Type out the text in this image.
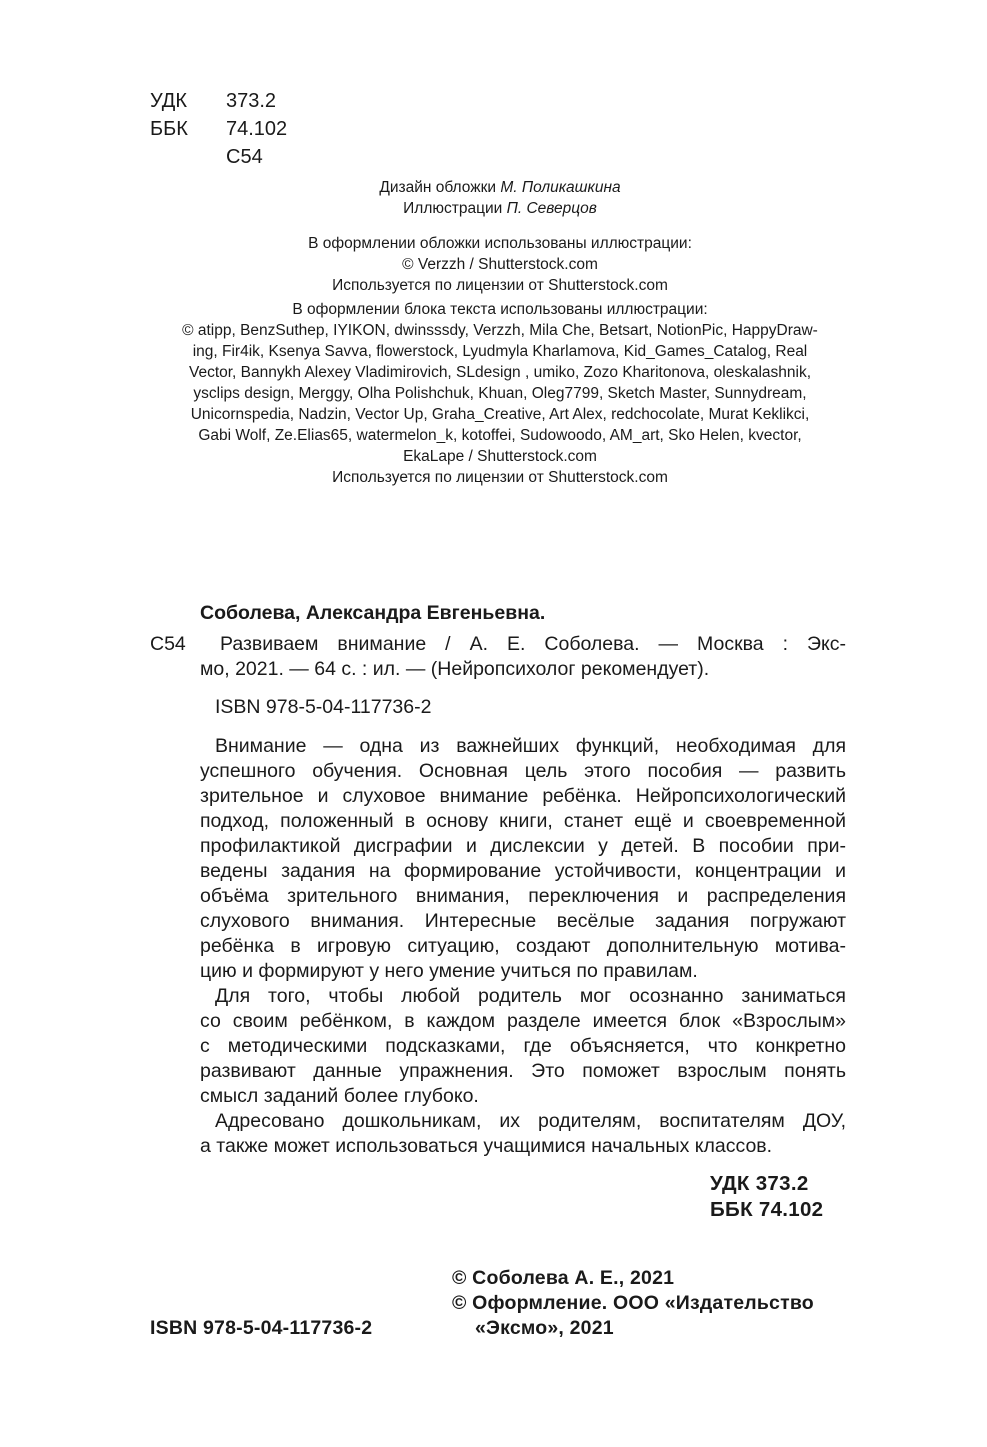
УДК 373.2
ББК 74.102
С54

Дизайн обложки М. Поликашкина

Иллюстрации П. Северцов

В оформлении обложки использованы иллюстрации:

© Verzzh / Shutterstock.com

Используется по лицензии от Shutterstock.com

В оформлении блока текста использованы иллюстрации:

© atipp, BenzSuthep, IYIKON, dwinsssdy, Verzzh, Mila Che, Betsart, NotionPic, HappyDraw-

ing, Fir4ik, Ksenya Savva, flowerstock, Lyudmyla Kharlamova, Kid_Games_Catalog, Real

Vector, Bannykh Alexey Vladimirovich, SLdesign , umiko, Zozo Kharitonova, oleskalashnik,

ysclips design, Merggy, Olha Polishchuk, Khuan, Oleg7799, Sketch Master, Sunnydream,

Unicornspedia, Nadzin, Vector Up, Graha_Creative, Art Alex, redchocolate, Murat Keklikci,

Gabi Wolf, Ze.Elias65, watermelon_k, kotoffei, Sudowoodo, AM_art, Sko Helen, kvector,

EkaLape / Shutterstock.com

Используется по лицензии от Shutterstock.com

Соболева, Александра Евгеньевна.
С54 Развиваем внимание / А. Е. Соболева. — Москва : Экс-
мо, 2021. — 64 с. : ил. — (Нейропсихолог рекомендует).
ISBN 978-5-04-117736-2
Внимание — одна из важнейших функций, необходимая для
успешного обучения. Основная цель этого пособия — развить
зрительное и слуховое внимание ребёнка. Нейропсихологический
подход, положенный в основу книги, станет ещё и своевременной
профилактикой дисграфии и дислексии у детей. В пособии при-
ведены задания на формирование устойчивости, концентрации и
объёма зрительного внимания, переключения и распределения
слухового внимания. Интересные весёлые задания погружают
ребёнка в игровую ситуацию, создают дополнительную мотива-
цию и формируют у него умение учиться по правилам.
Для того, чтобы любой родитель мог осознанно заниматься
со своим ребёнком, в каждом разделе имеется блок «Взрослым»
с методическими подсказками, где объясняется, что конкретно
развивают данные упражнения. Это поможет взрослым понять
смысл заданий более глубоко.
Адресовано дошкольникам, их родителям, воспитателям ДОУ,
а также может использоваться учащимися начальных классов.
УДК 373.2
ББК 74.102
© Соболева А. Е., 2021
© Оформление. ООО «Издательство
«Эксмо», 2021
ISBN 978-5-04-117736-2
